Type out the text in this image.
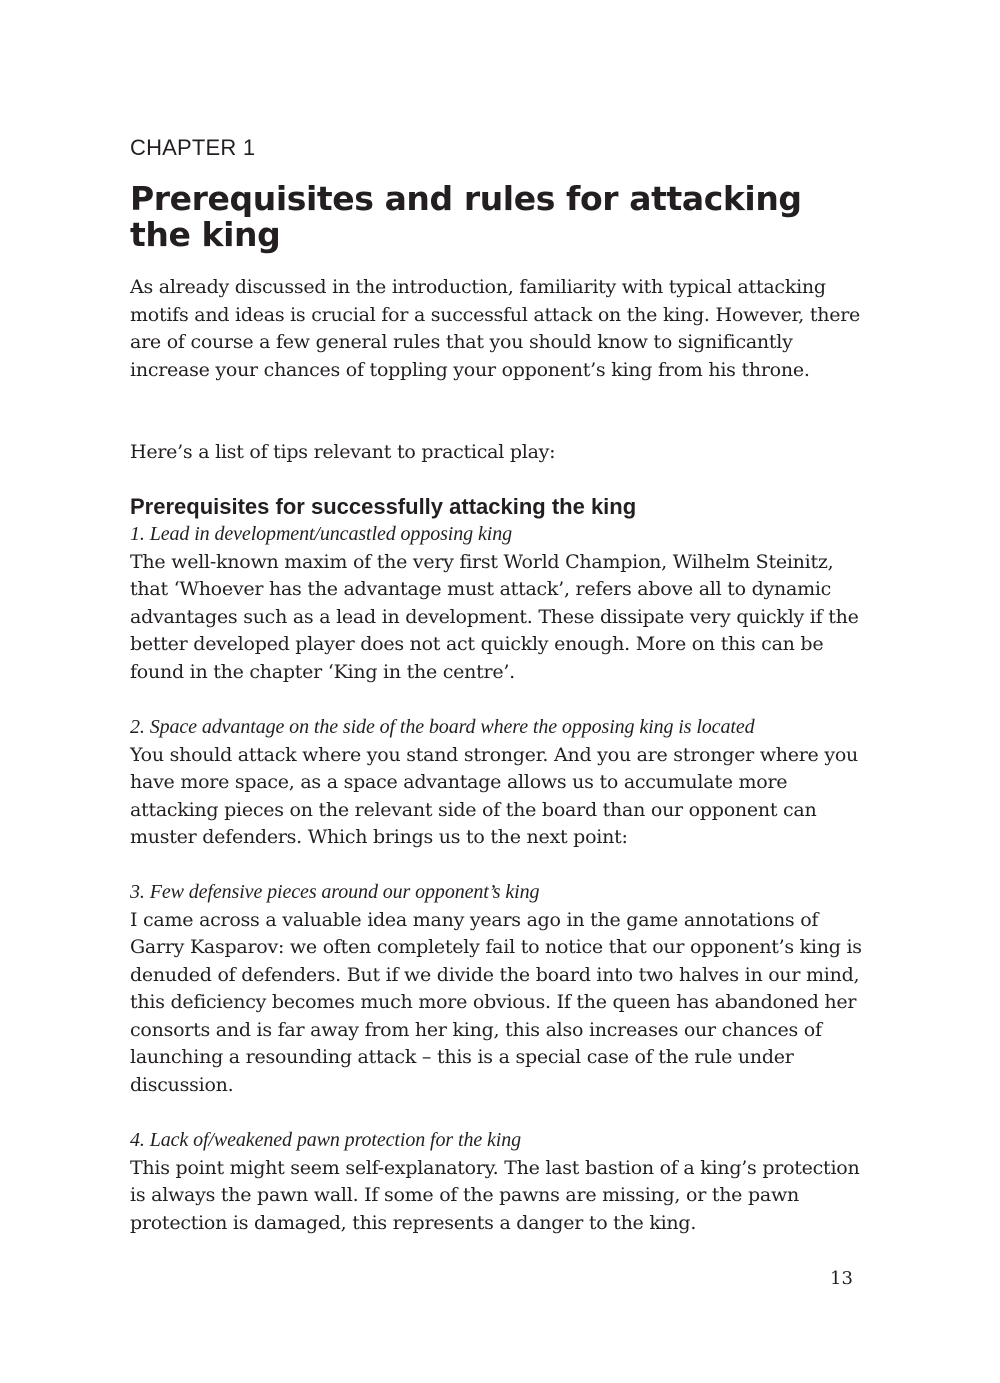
CHAPTER 1
Prerequisites and rules for attacking the king

As already discussed in the introduction, familiarity with typical attacking motifs and ideas is crucial for a successful attack on the king. However, there are of course a few general rules that you should know to significantly increase your chances of toppling your opponent’s king from his throne.

Here’s a list of tips relevant to practical play:

Prerequisites for successfully attacking the king

1. Lead in development/uncastled opposing king

The well-known maxim of the very first World Champion, Wilhelm Steinitz, that ‘Whoever has the advantage must attack’, refers above all to dynamic advantages such as a lead in development. These dissipate very quickly if the better developed player does not act quickly enough. More on this can be found in the chapter ‘King in the centre’.

2. Space advantage on the side of the board where the opposing king is located

You should attack where you stand stronger. And you are stronger where you have more space, as a space advantage allows us to accumulate more attacking pieces on the relevant side of the board than our opponent can muster defenders. Which brings us to the next point:

3. Few defensive pieces around our opponent’s king

I came across a valuable idea many years ago in the game annotations of Garry Kasparov: we often completely fail to notice that our opponent’s king is denuded of defenders. But if we divide the board into two halves in our mind, this deficiency becomes much more obvious. If the queen has abandoned her consorts and is far away from her king, this also increases our chances of launching a resounding attack – this is a special case of the rule under discussion.

4. Lack of/weakened pawn protection for the king

This point might seem self-explanatory. The last bastion of a king’s protection is always the pawn wall. If some of the pawns are missing, or the pawn protection is damaged, this represents a danger to the king.

13
